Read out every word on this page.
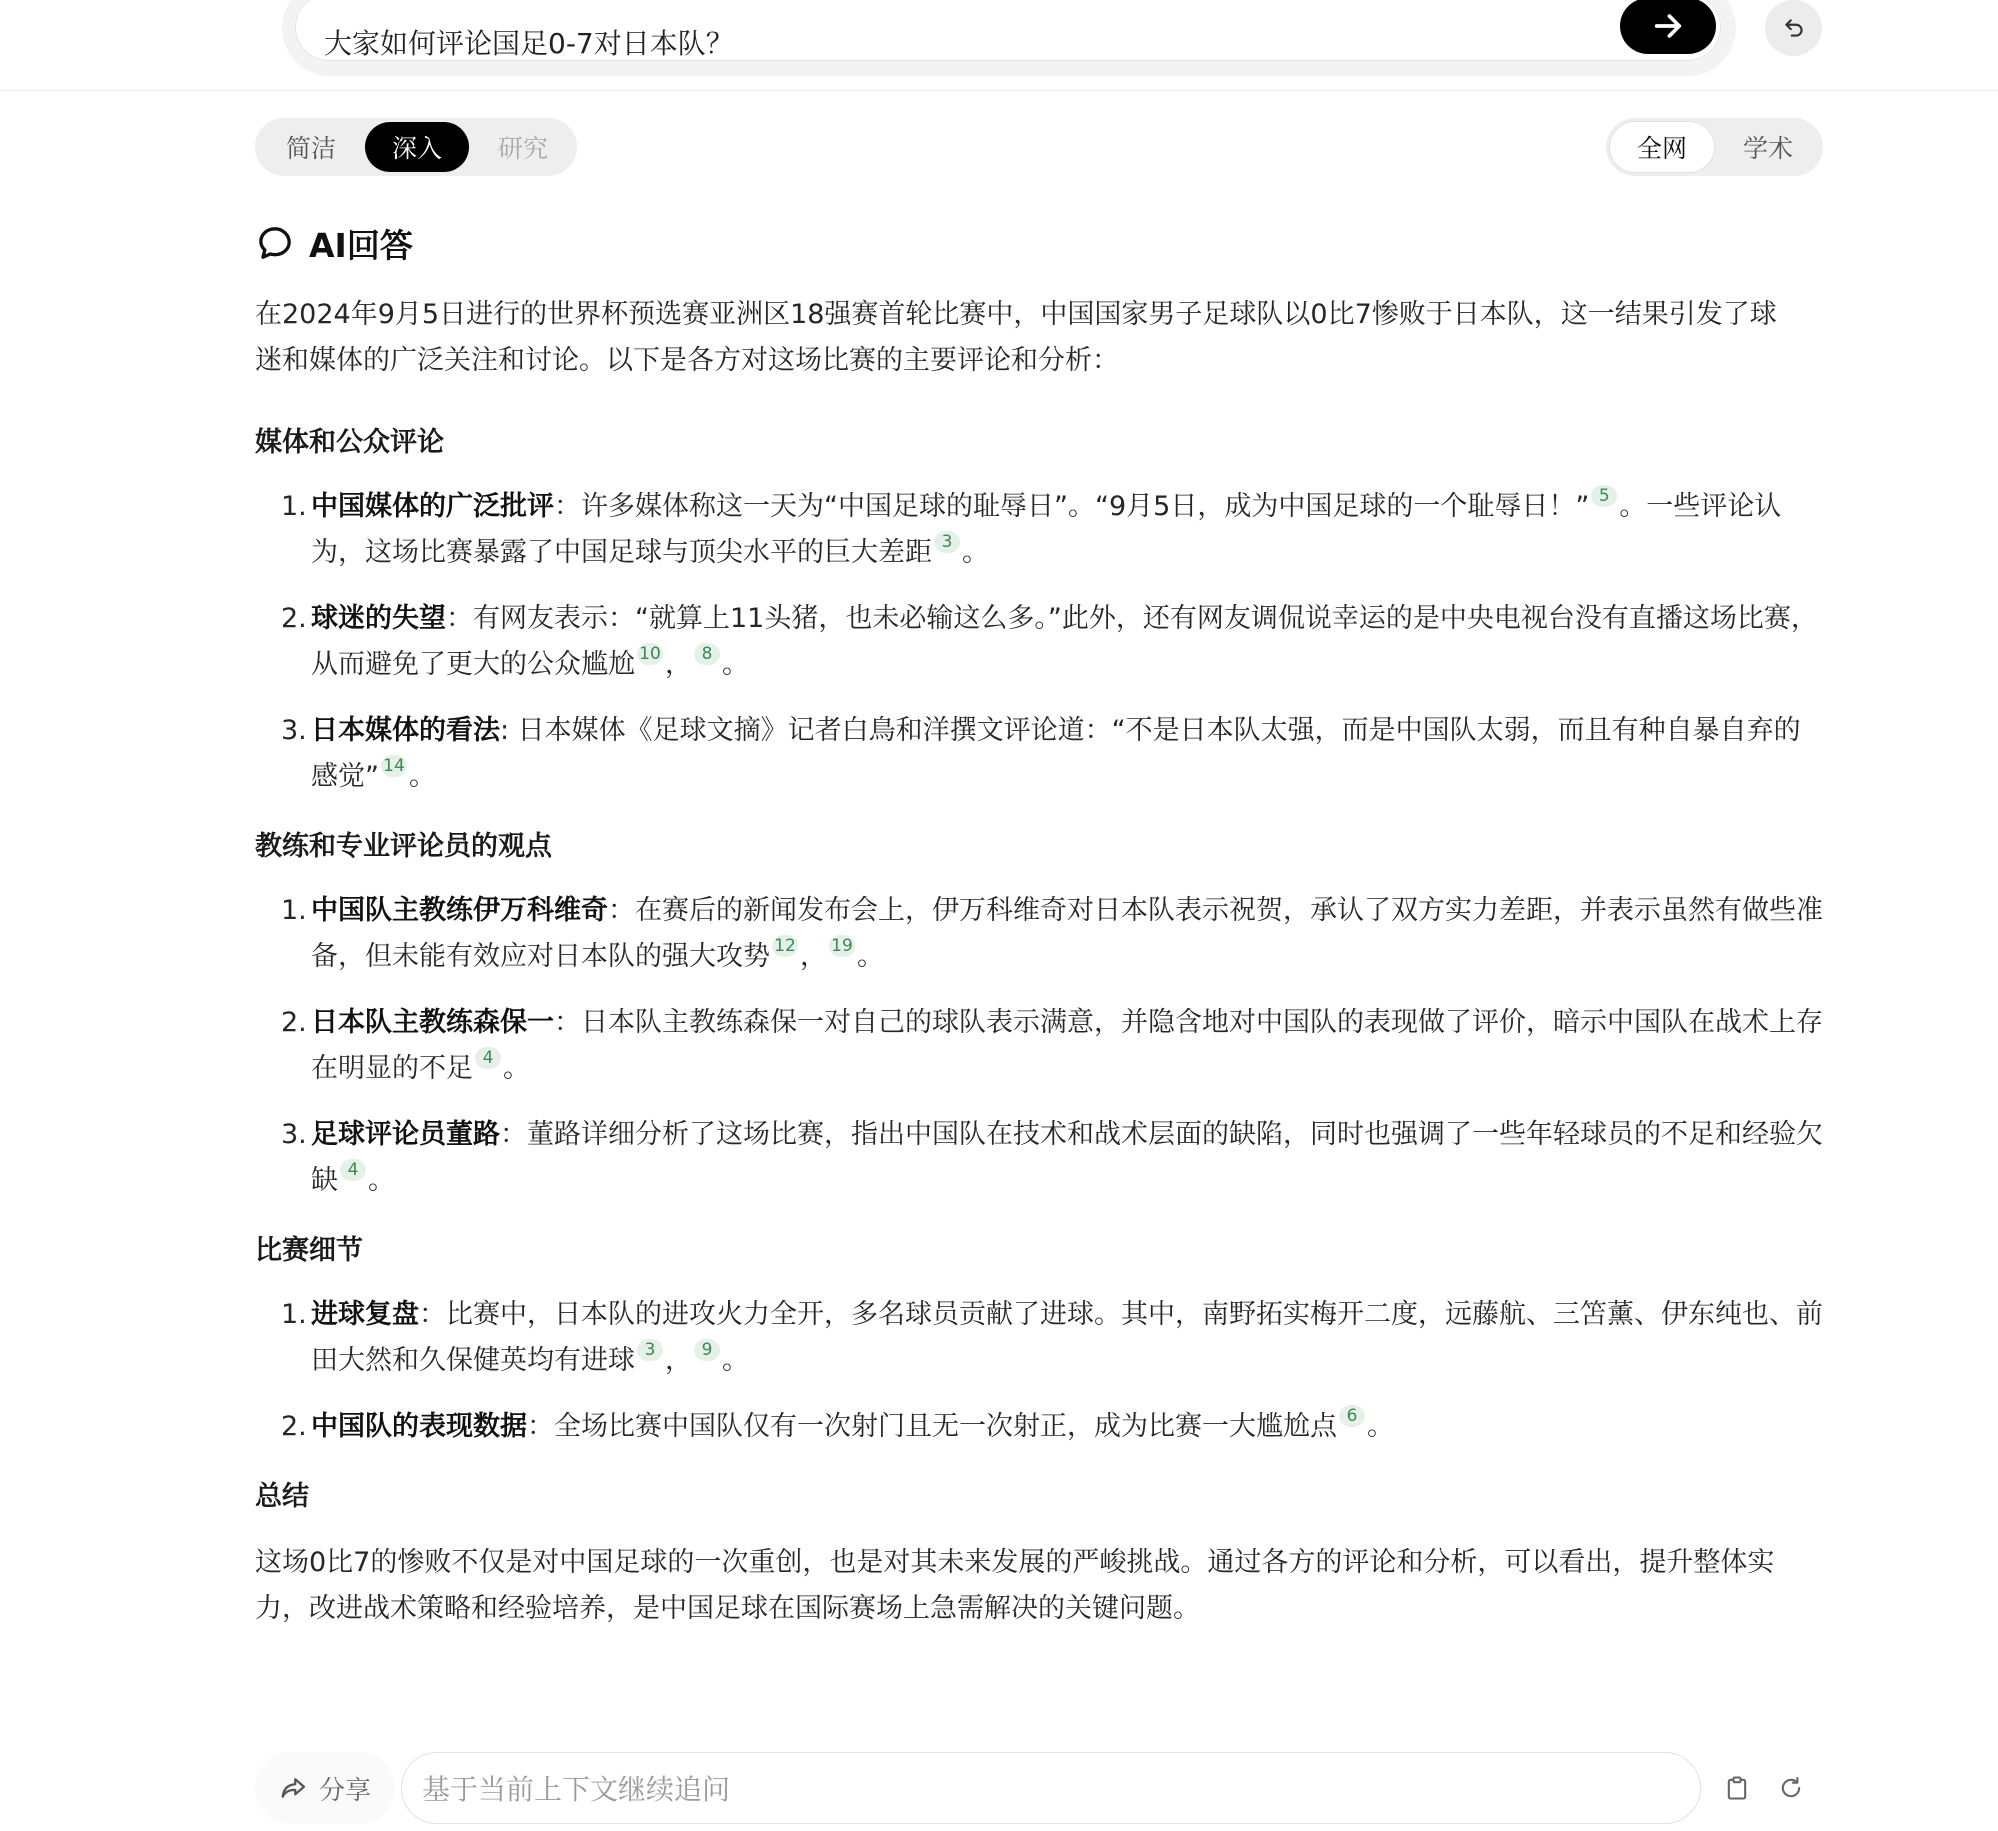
大家如何评论国足0-7对日本队？
简洁	深入	研究	全网	学术
AI回答

在2024年9月5日进行的世界杯预选赛亚洲区18强赛首轮比赛中，中国国家男子足球队以0比7惨败于日本队，这一结果引发了球
迷和媒体的广泛关注和讨论。以下是各方对这场比赛的主要评论和分析：

媒体和公众评论
1. 中国媒体的广泛批评：许多媒体称这一天为“中国足球的耻辱日”。“9月5日，成为中国足球的一个耻辱日！” 5 。一些评论认为，这场比赛暴露了中国足球与顶尖水平的巨大差距 3 。
2. 球迷的失望：有网友表示：“就算上11头猪，也未必输这么多。”此外，还有网友调侃说幸运的是中央电视台没有直播这场比赛，从而避免了更大的公众尴尬 10 ， 8 。
3. 日本媒体的看法: 日本媒体《足球文摘》记者白鳥和洋撰文评论道：“不是日本队太强，而是中国队太弱，而且有种自暴自弃的感觉” 14 。
教练和专业评论员的观点
1. 中国队主教练伊万科维奇：在赛后的新闻发布会上，伊万科维奇对日本队表示祝贺，承认了双方实力差距，并表示虽然有做些准备，但未能有效应对日本队的强大攻势 12 ， 19 。
2. 日本队主教练森保一：日本队主教练森保一对自己的球队表示满意，并隐含地对中国队的表现做了评价，暗示中国队在战术上存在明显的不足 4 。
3. 足球评论员董路：董路详细分析了这场比赛，指出中国队在技术和战术层面的缺陷，同时也强调了一些年轻球员的不足和经验欠缺 4 。
比赛细节
1. 进球复盘：比赛中，日本队的进攻火力全开，多名球员贡献了进球。其中，南野拓实梅开二度，远藤航、三笘薰、伊东纯也、前田大然和久保健英均有进球 3 ， 9 。
2. 中国队的表现数据：全场比赛中国队仅有一次射门且无一次射正，成为比赛一大尴尬点 6 。
总结

这场0比7的惨败不仅是对中国足球的一次重创，也是对其未来发展的严峻挑战。通过各方的评论和分析，可以看出，提升整体实力，改进战术策略和经验培养，是中国足球在国际赛场上急需解决的关键问题。

分享 基于当前上下文继续追问
